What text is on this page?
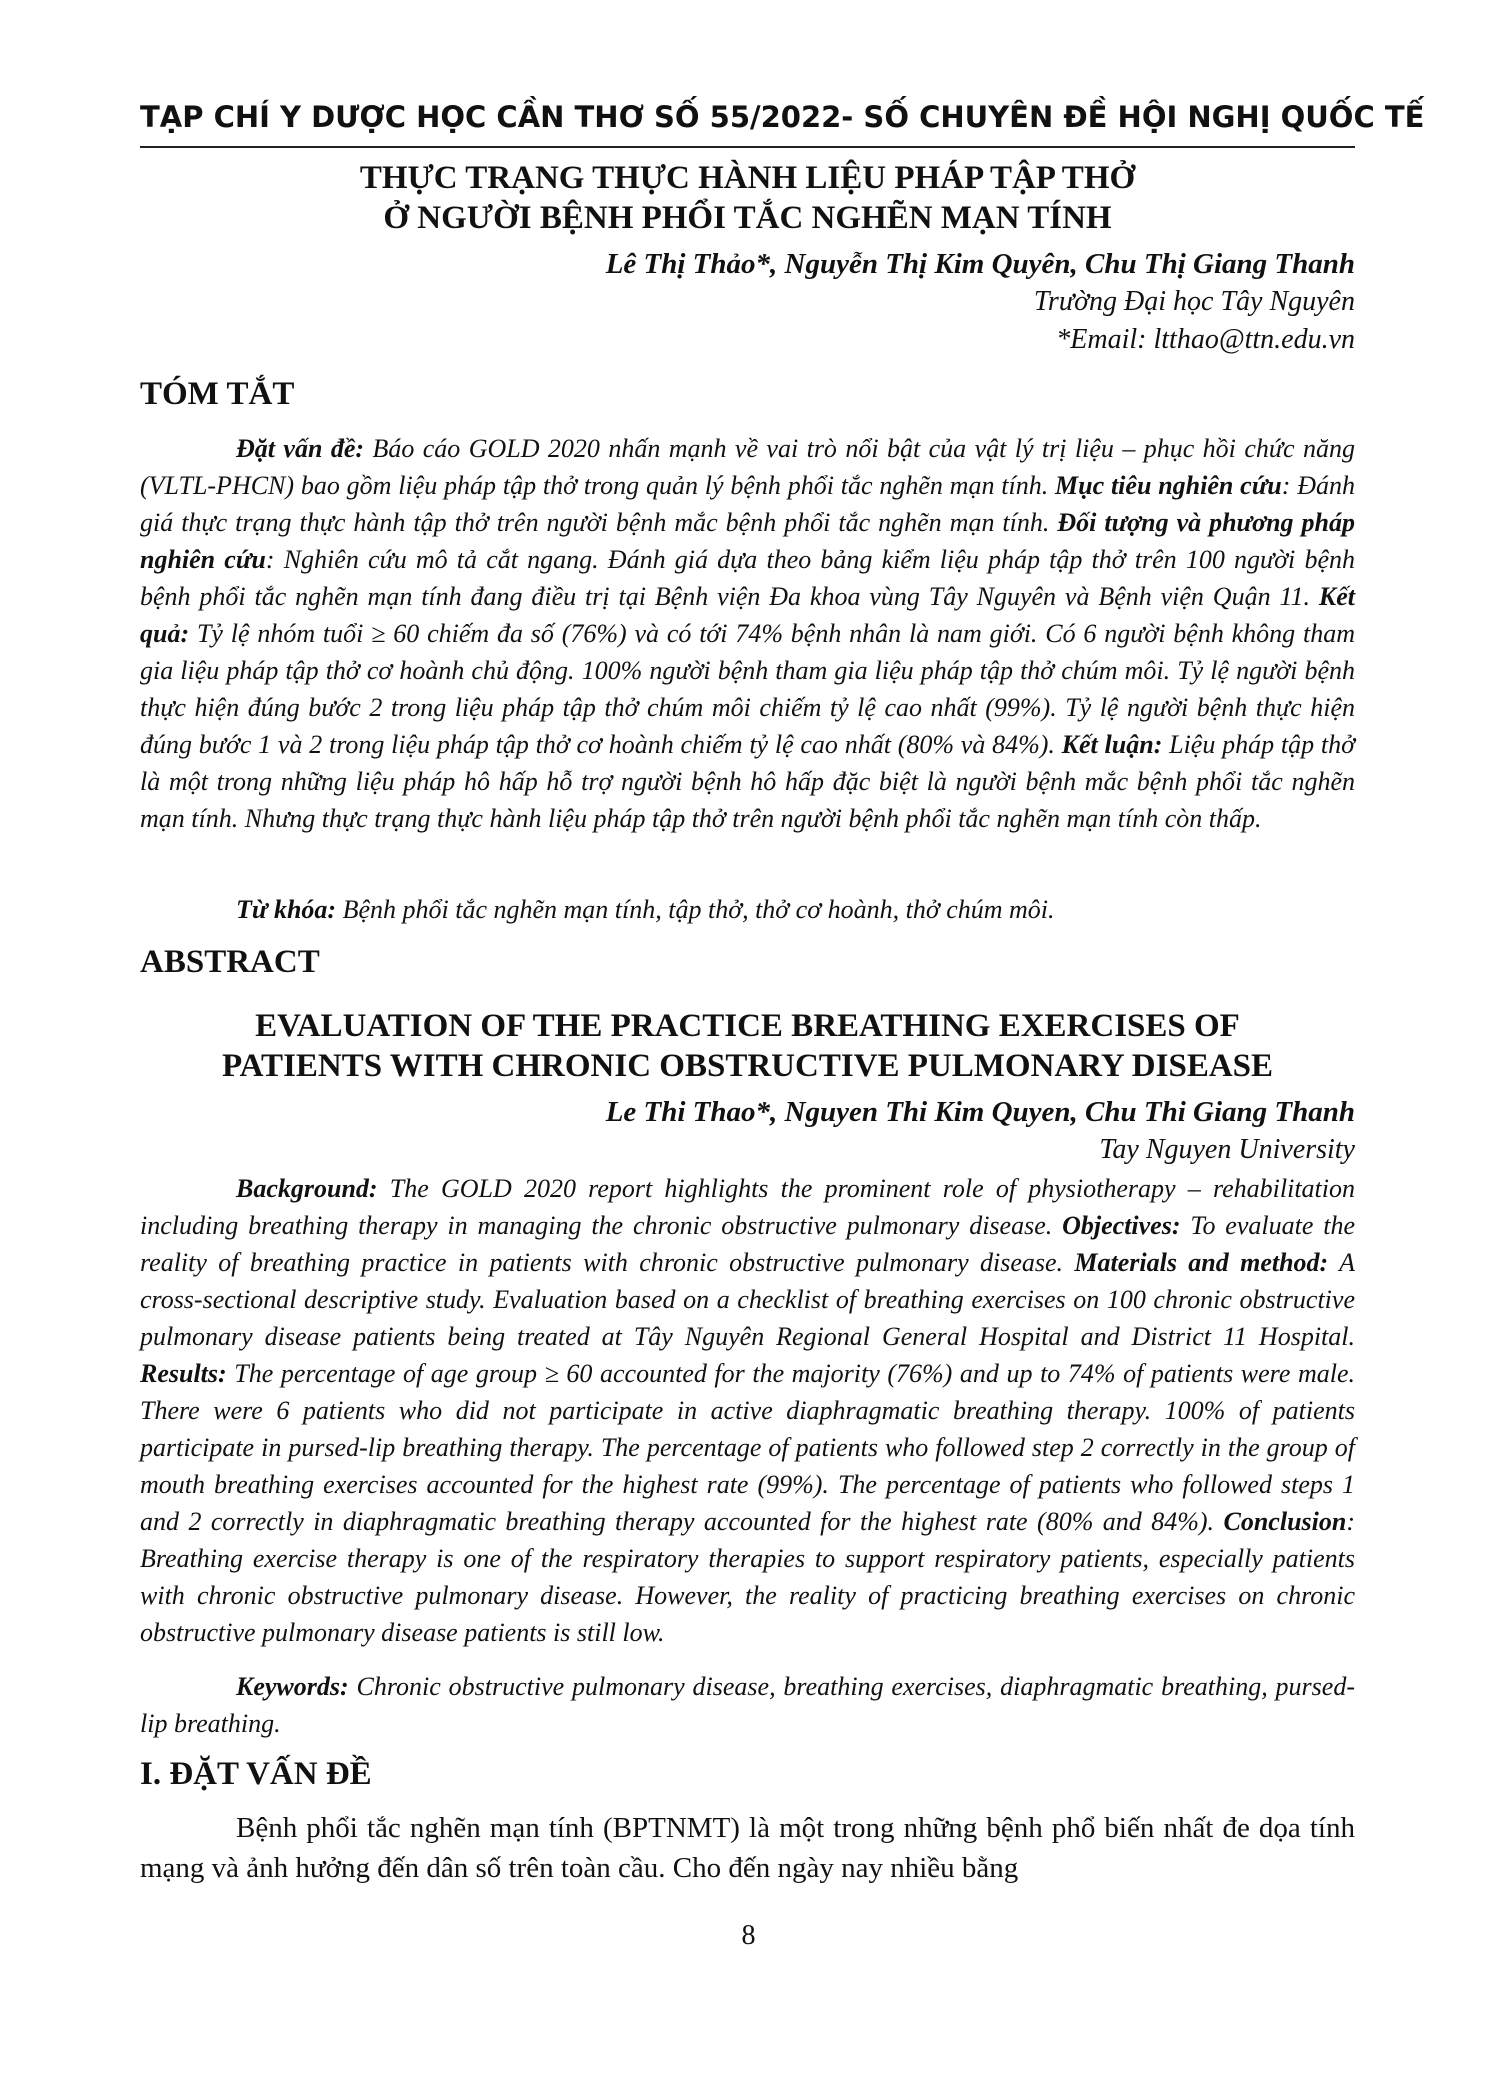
TẠP CHÍ Y DƯỢC HỌC CẦN THƠ SỐ 55/2022- SỐ CHUYÊN ĐỀ HỘI NGHỊ QUỐC TẾ
THỰC TRẠNG THỰC HÀNH LIỆU PHÁP TẬP THỞ
Ở NGƯỜI BỆNH PHỔI TẮC NGHẼN MẠN TÍNH
Lê Thị Thảo*, Nguyễn Thị Kim Quyên, Chu Thị Giang Thanh
Trường Đại học Tây Nguyên
*Email: ltthao@ttn.edu.vn
TÓM TẮT

Đặt vấn đề: Báo cáo GOLD 2020 nhấn mạnh về vai trò nổi bật của vật lý trị liệu – phục hồi chức năng (VLTL-PHCN) bao gồm liệu pháp tập thở trong quản lý bệnh phổi tắc nghẽn mạn tính. Mục tiêu nghiên cứu: Đánh giá thực trạng thực hành tập thở trên người bệnh mắc bệnh phổi tắc nghẽn mạn tính. Đối tượng và phương pháp nghiên cứu: Nghiên cứu mô tả cắt ngang. Đánh giá dựa theo bảng kiểm liệu pháp tập thở trên 100 người bệnh bệnh phổi tắc nghẽn mạn tính đang điều trị tại Bệnh viện Đa khoa vùng Tây Nguyên và Bệnh viện Quận 11. Kết quả: Tỷ lệ nhóm tuổi ≥ 60 chiếm đa số (76%) và có tới 74% bệnh nhân là nam giới. Có 6 người bệnh không tham gia liệu pháp tập thở cơ hoành chủ động. 100% người bệnh tham gia liệu pháp tập thở chúm môi. Tỷ lệ người bệnh thực hiện đúng bước 2 trong liệu pháp tập thở chúm môi chiếm tỷ lệ cao nhất (99%). Tỷ lệ người bệnh thực hiện đúng bước 1 và 2 trong liệu pháp tập thở cơ hoành chiếm tỷ lệ cao nhất (80% và 84%). Kết luận: Liệu pháp tập thở là một trong những liệu pháp hô hấp hỗ trợ người bệnh hô hấp đặc biệt là người bệnh mắc bệnh phổi tắc nghẽn mạn tính. Nhưng thực trạng thực hành liệu pháp tập thở trên người bệnh phổi tắc nghẽn mạn tính còn thấp.

Từ khóa: Bệnh phổi tắc nghẽn mạn tính, tập thở, thở cơ hoành, thở chúm môi.

ABSTRACT
EVALUATION OF THE PRACTICE BREATHING EXERCISES OF
PATIENTS WITH CHRONIC OBSTRUCTIVE PULMONARY DISEASE
Le Thi Thao*, Nguyen Thi Kim Quyen, Chu Thi Giang Thanh
Tay Nguyen University

Background: The GOLD 2020 report highlights the prominent role of physiotherapy – rehabilitation including breathing therapy in managing the chronic obstructive pulmonary disease. Objectives: To evaluate the reality of breathing practice in patients with chronic obstructive pulmonary disease. Materials and method: A cross-sectional descriptive study. Evaluation based on a checklist of breathing exercises on 100 chronic obstructive pulmonary disease patients being treated at Tây Nguyên Regional General Hospital and District 11 Hospital. Results: The percentage of age group ≥ 60 accounted for the majority (76%) and up to 74% of patients were male. There were 6 patients who did not participate in active diaphragmatic breathing therapy. 100% of patients participate in pursed-lip breathing therapy. The percentage of patients who followed step 2 correctly in the group of mouth breathing exercises accounted for the highest rate (99%). The percentage of patients who followed steps 1 and 2 correctly in diaphragmatic breathing therapy accounted for the highest rate (80% and 84%). Conclusion: Breathing exercise therapy is one of the respiratory therapies to support respiratory patients, especially patients with chronic obstructive pulmonary disease. However, the reality of practicing breathing exercises on chronic obstructive pulmonary disease patients is still low.

Keywords: Chronic obstructive pulmonary disease, breathing exercises, diaphragmatic breathing, pursed-lip breathing.

I. ĐẶT VẤN ĐỀ

Bệnh phổi tắc nghẽn mạn tính (BPTNMT) là một trong những bệnh phổ biến nhất đe dọa tính mạng và ảnh hưởng đến dân số trên toàn cầu. Cho đến ngày nay nhiều bằng

8
